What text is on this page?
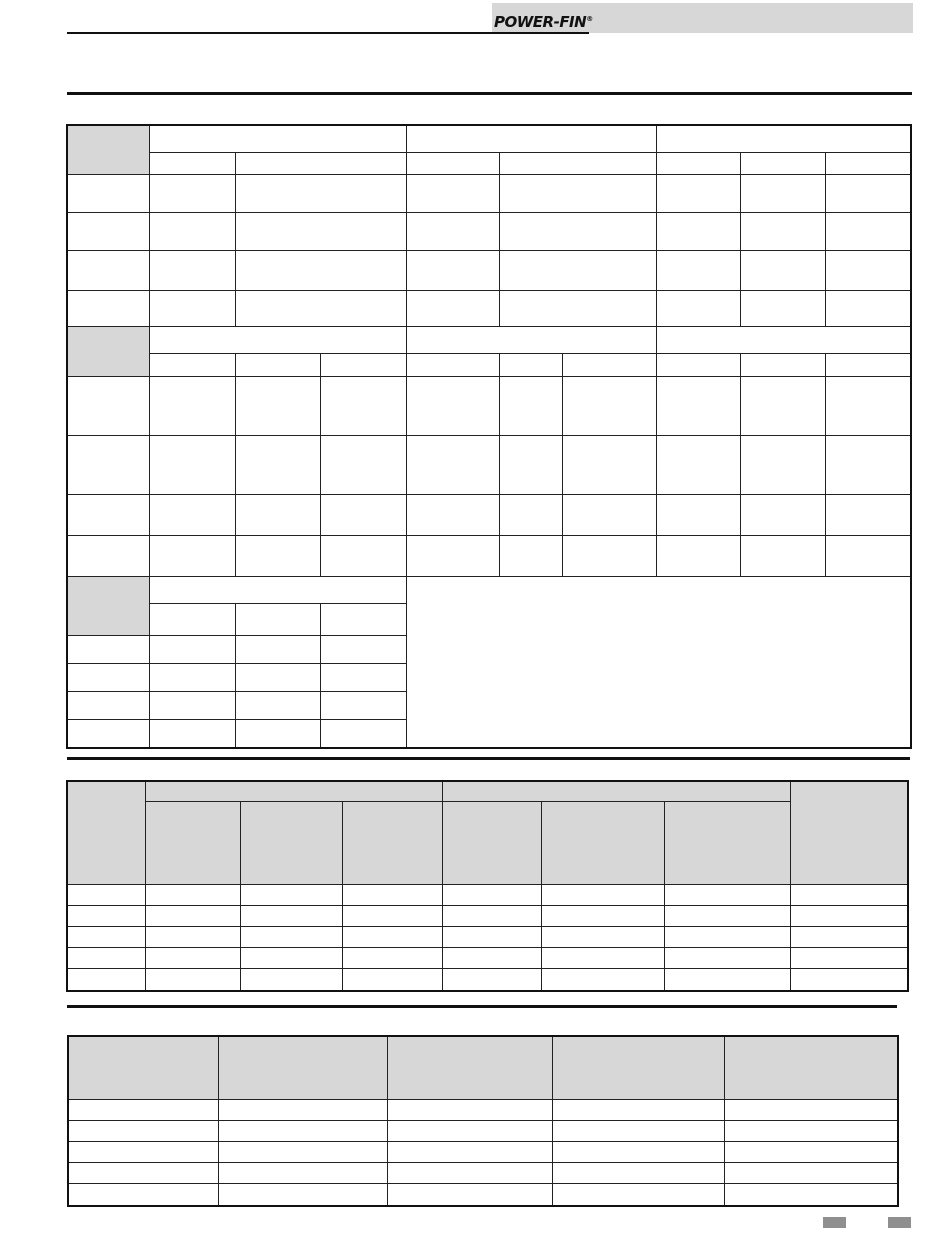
POWER-FIN®
